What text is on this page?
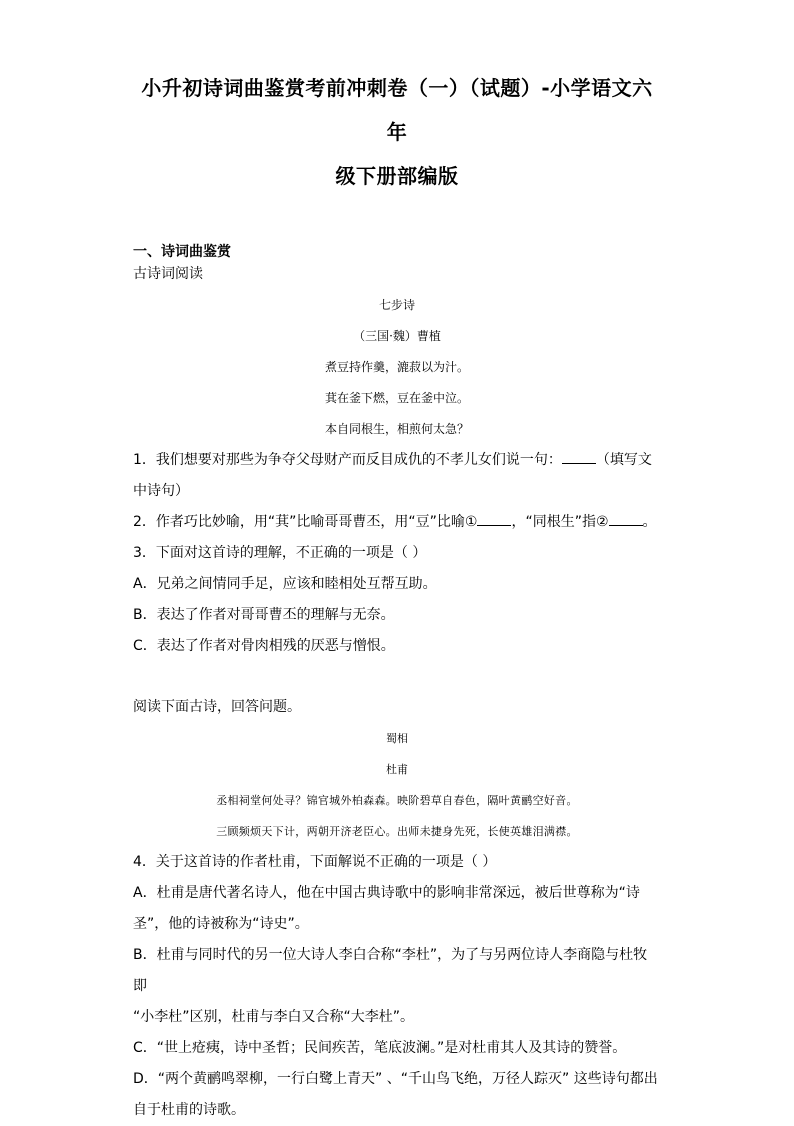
小升初诗词曲鉴赏考前冲刺卷（一）（试题）-小学语文六年
级下册部编版
一、诗词曲鉴赏
古诗词阅读
七步诗
（三国·魏）曹植
煮豆持作羹，漉菽以为汁。
萁在釜下燃，豆在釜中泣。
本自同根生，相煎何太急？
1．我们想要对那些为争夺父母财产而反目成仇的不孝儿女们说一句： （填写文
中诗句）
2．作者巧比妙喻，用“萁”比喻哥哥曹丕，用“豆”比喻① ，“同根生”指② 。
3．下面对这首诗的理解，不正确的一项是（ ）
A．兄弟之间情同手足，应该和睦相处互帮互助。
B．表达了作者对哥哥曹丕的理解与无奈。
C．表达了作者对骨肉相残的厌恶与憎恨。
阅读下面古诗，回答问题。
蜀相
杜甫
丞相祠堂何处寻？锦官城外柏森森。映阶碧草自春色，隔叶黄鹂空好音。
三顾频烦天下计，两朝开济老臣心。出师未捷身先死，长使英雄泪满襟。
4．关于这首诗的作者杜甫，下面解说不正确的一项是（ ）
A．杜甫是唐代著名诗人，他在中国古典诗歌中的影响非常深远，被后世尊称为“诗
圣”，他的诗被称为“诗史”。
B．杜甫与同时代的另一位大诗人李白合称“李杜”，为了与另两位诗人李商隐与杜牧即
“小李杜”区别，杜甫与李白又合称“大李杜”。
C．“世上疮痍，诗中圣哲；民间疾苦，笔底波澜。”是对杜甫其人及其诗的赞誉。
D．“两个黄鹂鸣翠柳，一行白鹭上青天” 、“千山鸟飞绝，万径人踪灭” 这些诗句都出
自于杜甫的诗歌。
